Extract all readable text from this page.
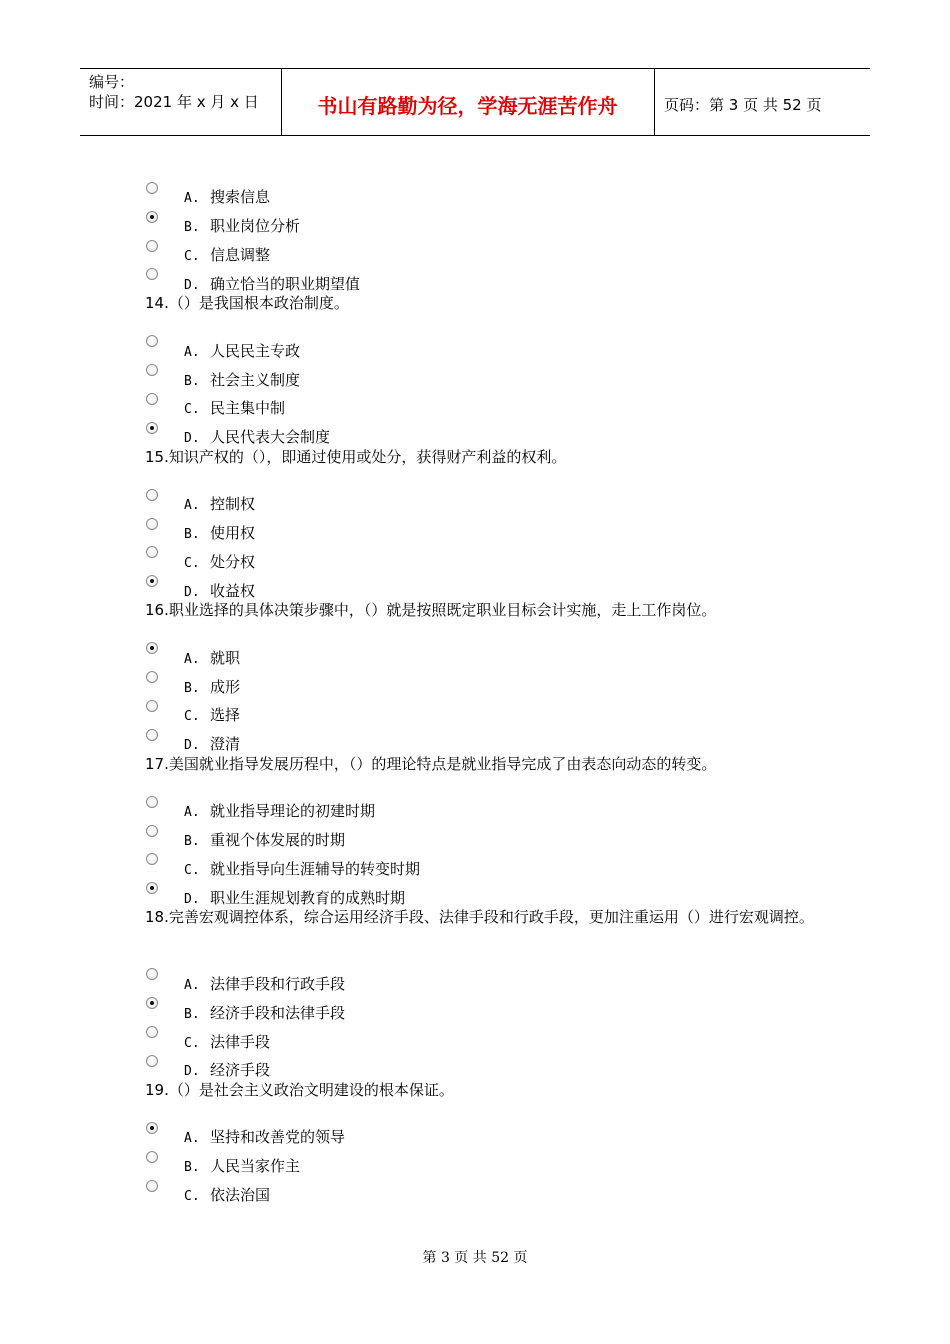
编号：
时间：2021 年 x 月 x 日	书山有路勤为径，学海无涯苦作舟	页码：第 3 页 共 52 页
A. 搜索信息
B. 职业岗位分析
C. 信息调整
D. 确立恰当的职业期望值
14.（）是我国根本政治制度。
A. 人民民主专政
B. 社会主义制度
C. 民主集中制
D. 人民代表大会制度
15.知识产权的（），即通过使用或处分，获得财产利益的权利。
A. 控制权
B. 使用权
C. 处分权
D. 收益权
16.职业选择的具体决策步骤中，（）就是按照既定职业目标会计实施，走上工作岗位。
A. 就职
B. 成形
C. 选择
D. 澄清
17.美国就业指导发展历程中，（）的理论特点是就业指导完成了由表态向动态的转变。
A. 就业指导理论的初建时期
B. 重视个体发展的时期
C. 就业指导向生涯辅导的转变时期
D. 职业生涯规划教育的成熟时期
18.完善宏观调控体系，综合运用经济手段、法律手段和行政手段，更加注重运用（）进行宏观调控。
A. 法律手段和行政手段
B. 经济手段和法律手段
C. 法律手段
D. 经济手段
19.（）是社会主义政治文明建设的根本保证。
A. 坚持和改善党的领导
B. 人民当家作主
C. 依法治国
第 3 页 共 52 页
